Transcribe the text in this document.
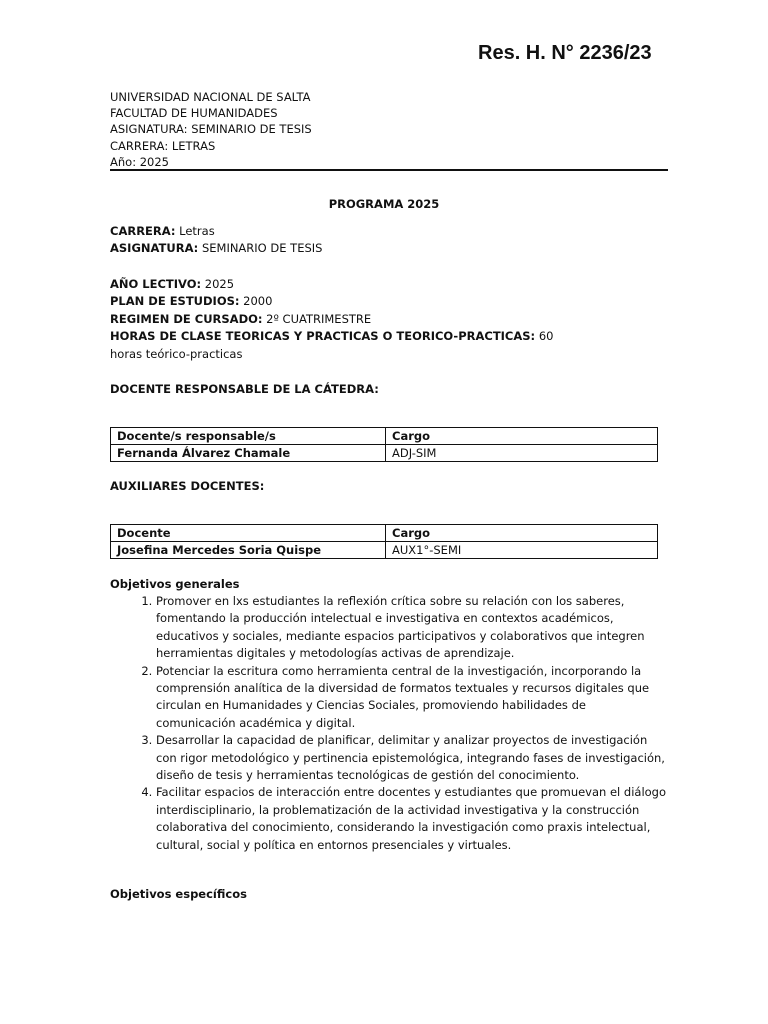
Res. H. N° 2236/23
UNIVERSIDAD NACIONAL DE SALTA
FACULTAD DE HUMANIDADES
ASIGNATURA: SEMINARIO DE TESIS
CARRERA: LETRAS
Año: 2025
PROGRAMA 2025
CARRERA: Letras
ASIGNATURA: SEMINARIO DE TESIS
AÑO LECTIVO: 2025
PLAN DE ESTUDIOS: 2000
REGIMEN DE CURSADO: 2º CUATRIMESTRE
HORAS DE CLASE TEORICAS Y PRACTICAS O TEORICO-PRACTICAS: 60 horas teórico-practicas
DOCENTE RESPONSABLE DE LA CÁTEDRA:
Docente/s responsable/s	Cargo
Fernanda Álvarez Chamale	ADJ-SIM
AUXILIARES DOCENTES:
Docente	Cargo
Josefina Mercedes Soria Quispe	AUX1°-SEMI
Objetivos generales
1. Promover en lxs estudiantes la reflexión crítica sobre su relación con los saberes, fomentando la producción intelectual e investigativa en contextos académicos, educativos y sociales, mediante espacios participativos y colaborativos que integren herramientas digitales y metodologías activas de aprendizaje.
2. Potenciar la escritura como herramienta central de la investigación, incorporando la comprensión analítica de la diversidad de formatos textuales y recursos digitales que circulan en Humanidades y Ciencias Sociales, promoviendo habilidades de comunicación académica y digital.
3. Desarrollar la capacidad de planificar, delimitar y analizar proyectos de investigación con rigor metodológico y pertinencia epistemológica, integrando fases de investigación, diseño de tesis y herramientas tecnológicas de gestión del conocimiento.
4. Facilitar espacios de interacción entre docentes y estudiantes que promuevan el diálogo interdisciplinario, la problematización de la actividad investigativa y la construcción colaborativa del conocimiento, considerando la investigación como praxis intelectual, cultural, social y política en entornos presenciales y virtuales.
Objetivos específicos
